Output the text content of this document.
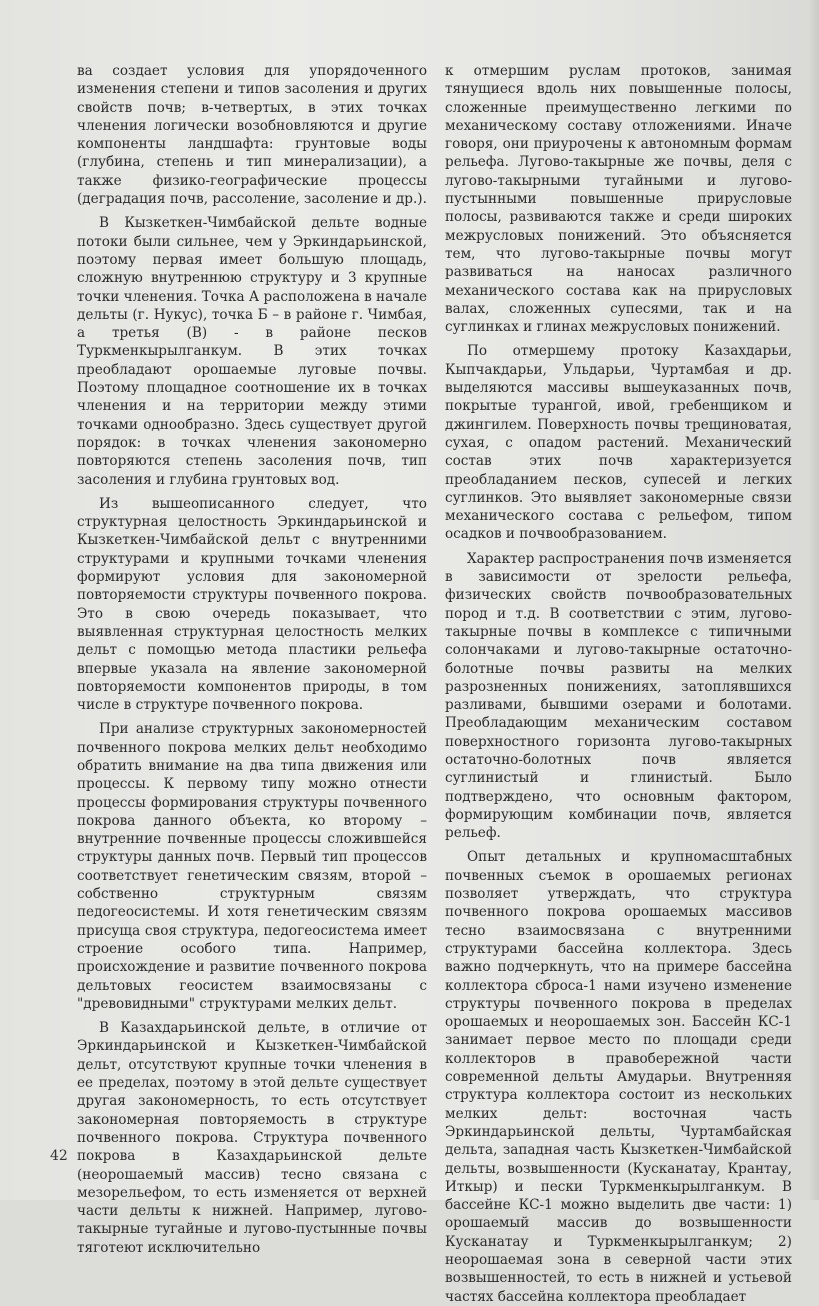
ва создает условия для упорядоченного изменения степени и типов засоления и других свойств почв; в-четвертых, в этих точках членения логически возобновляются и другие компоненты ландшафта: грунтовые воды (глубина, степень и тип минерализации), а также физико-географические процессы (деградация почв, рассоление, засоление и др.).

В Кызкеткен-Чимбайской дельте водные потоки были сильнее, чем у Эркиндарьинской, поэтому первая имеет большую площадь, сложную внутреннюю структуру и 3 крупные точки членения. Точка А расположена в начале дельты (г. Нукус), точка Б – в районе г. Чимбая, а третья (В) - в районе песков Туркменкырылганкум. В этих точках преобладают орошаемые луговые почвы. Поэтому площадное соотношение их в точках членения и на территории между этими точками однообразно. Здесь существует другой порядок: в точках членения закономерно повторяются степень засоления почв, тип засоления и глубина грунтовых вод.

Из вышеописанного следует, что структурная целостность Эркиндарьинской и Кызкеткен-Чимбайской дельт с внутренними структурами и крупными точками членения формируют условия для закономерной повторяемости структуры почвенного покрова. Это в свою очередь показывает, что выявленная структурная целостность мелких дельт с помощью метода пластики рельефа впервые указала на явление закономерной повторяемости компонентов природы, в том числе в структуре почвенного покрова.

При анализе структурных закономерностей почвенного покрова мелких дельт необходимо обратить внимание на два типа движения или процессы. К первому типу можно отнести процессы формирования структуры почвенного покрова данного объекта, ко второму – внутренние почвенные процессы сложившейся структуры данных почв. Первый тип процессов соответствует генетическим связям, второй – собственно структурным связям педогеосистемы. И хотя генетическим связям присуща своя структура, педогеосистема имеет строение особого типа. Например, происхождение и развитие почвенного покрова дельтовых геосистем взаимосвязаны с "древовидными" структурами мелких дельт.

В Казахдарьинской дельте, в отличие от Эркиндарьинской и Кызкеткен-Чимбайской дельт, отсутствуют крупные точки членения в ее пределах, поэтому в этой дельте существует другая закономерность, то есть отсутствует закономерная повторяемость в структуре почвенного покрова. Структура почвенного покрова в Казахдарьинской дельте (неорошаемый массив) тесно связана с мезорельефом, то есть изменяется от верхней части дельты к нижней. Например, лугово-такырные тугайные и лугово-пустынные почвы тяготеют исключительно

к отмершим руслам протоков, занимая тянущиеся вдоль них повышенные полосы, сложенные преимущественно легкими по механическому составу отложениями. Иначе говоря, они приурочены к автономным формам рельефа. Лугово-такырные же почвы, деля с лугово-такырными тугайными и лугово-пустынными повышенные прирусловые полосы, развиваются также и среди широких межрусловых понижений. Это объясняется тем, что лугово-такырные почвы могут развиваться на наносах различного механического состава как на прирусловых валах, сложенных супесями, так и на суглинках и глинах межрусловых понижений.

По отмершему протоку Казахдарьи, Кыпчакдарьи, Ульдарьи, Чуртамбая и др. выделяются массивы вышеуказанных почв, покрытые турангой, ивой, гребенщиком и джингилем. Поверхность почвы трещиноватая, сухая, с опадом растений. Механический состав этих почв характеризуется преобладанием песков, супесей и легких суглинков. Это выявляет закономерные связи механического состава с рельефом, типом осадков и почвообразованием.

Характер распространения почв изменяется в зависимости от зрелости рельефа, физических свойств почвообразовательных пород и т.д. В соответствии с этим, лугово-такырные почвы в комплексе с типичными солончаками и лугово-такырные остаточно-болотные почвы развиты на мелких разрозненных понижениях, затоплявшихся разливами, бывшими озерами и болотами. Преобладающим механическим составом поверхностного горизонта лугово-такырных остаточно-болотных почв является суглинистый и глинистый. Было подтверждено, что основным фактором, формирующим комбинации почв, является рельеф.

Опыт детальных и крупномасштабных почвенных съемок в орошаемых регионах позволяет утверждать, что структура почвенного покрова орошаемых массивов тесно взаимосвязана с внутренними структурами бассейна коллектора. Здесь важно подчеркнуть, что на примере бассейна коллектора сброса-1 нами изучено изменение структуры почвенного покрова в пределах орошаемых и неорошаемых зон. Бассейн КС-1 занимает первое место по площади среди коллекторов в правобережной части современной дельты Амударьи. Внутренняя структура коллектора состоит из нескольких мелких дельт: восточная часть Эркиндарьинской дельты, Чуртамбайская дельта, западная часть Кызкеткен-Чимбайской дельты, возвышенности (Кусканатау, Крантау, Иткыр) и пески Туркменкырылганкум. В бассейне КС-1 можно выделить две части: 1) орошаемый массив до возвышенности Кусканатау и Туркменкырылганкум; 2) неорошаемая зона в северной части этих возвышенностей, то есть в нижней и устьевой частях бассейна коллектора преобладает

42
